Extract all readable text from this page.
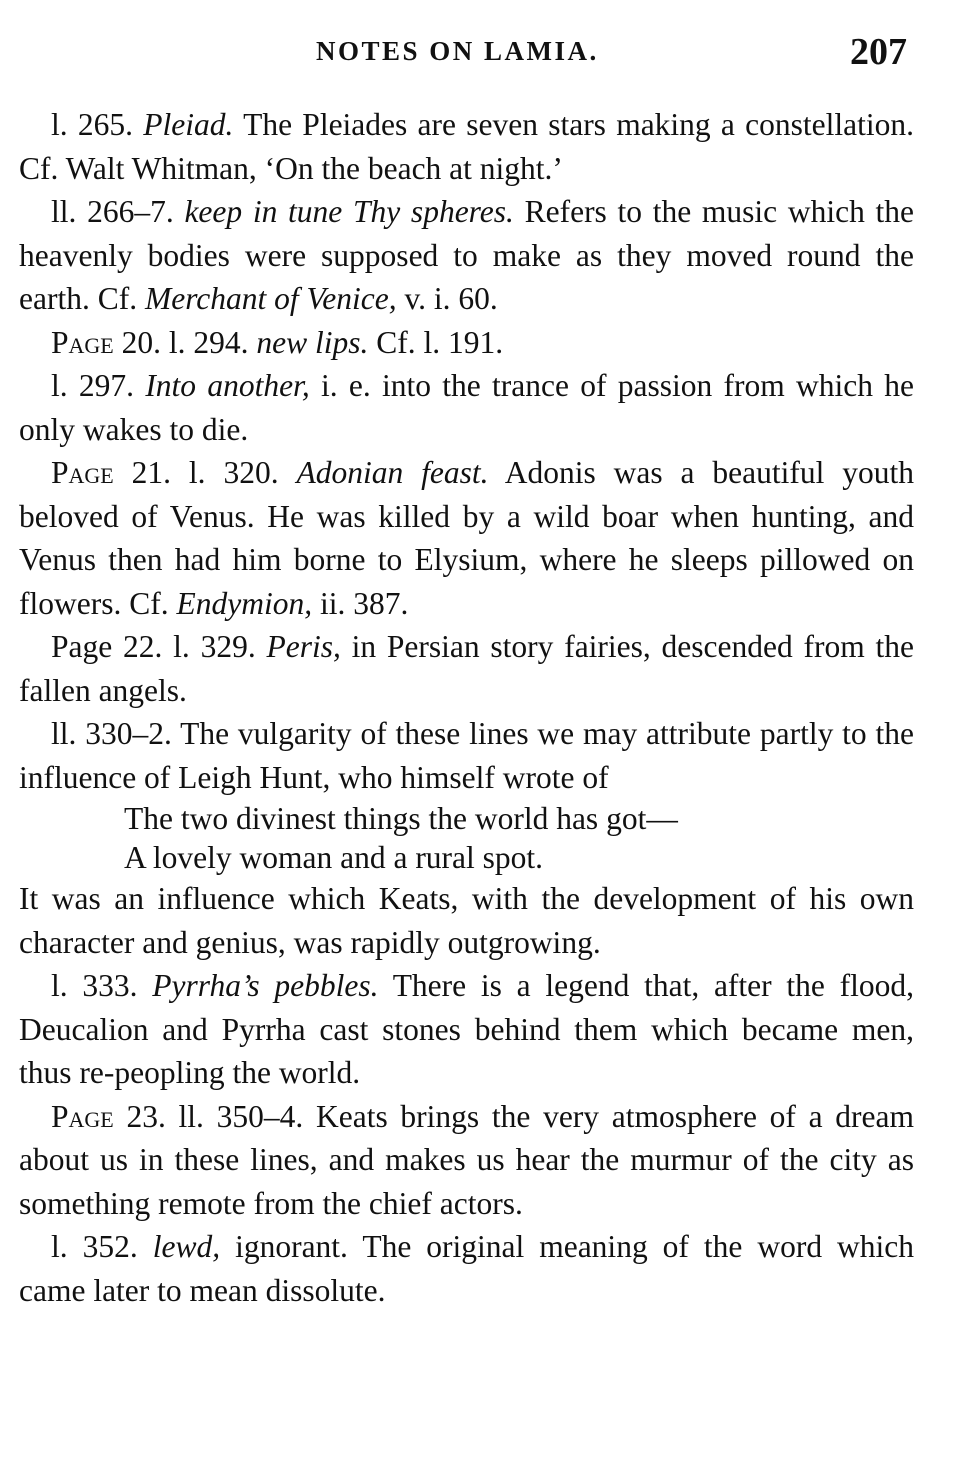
NOTES ON LAMIA.	207

l. 265. Pleiad. The Pleiades are seven stars making a constellation. Cf. Walt Whitman, ‘On the beach at night.’

ll. 266–7. keep in tune Thy spheres. Refers to the music which the heavenly bodies were supposed to make as they moved round the earth. Cf. Merchant of Venice, v. i. 60.

Page 20. l. 294. new lips. Cf. l. 191.

l. 297. Into another, i. e. into the trance of passion from which he only wakes to die.

Page 21. l. 320. Adonian feast. Adonis was a beautiful youth beloved of Venus. He was killed by a wild boar when hunting, and Venus then had him borne to Elysium, where he sleeps pillowed on flowers. Cf. Endymion, ii. 387.

Page 22. l. 329. Peris, in Persian story fairies, descended from the fallen angels.

ll. 330–2. The vulgarity of these lines we may attribute partly to the influence of Leigh Hunt, who himself wrote of

The two divinest things the world has got—
A lovely woman and a rural spot.

It was an influence which Keats, with the development of his own character and genius, was rapidly outgrowing.

l. 333. Pyrrha’s pebbles. There is a legend that, after the flood, Deucalion and Pyrrha cast stones behind them which became men, thus re-peopling the world.

Page 23. ll. 350–4. Keats brings the very atmosphere of a dream about us in these lines, and makes us hear the murmur of the city as something remote from the chief actors.

l. 352. lewd, ignorant. The original meaning of the word which came later to mean dissolute.
